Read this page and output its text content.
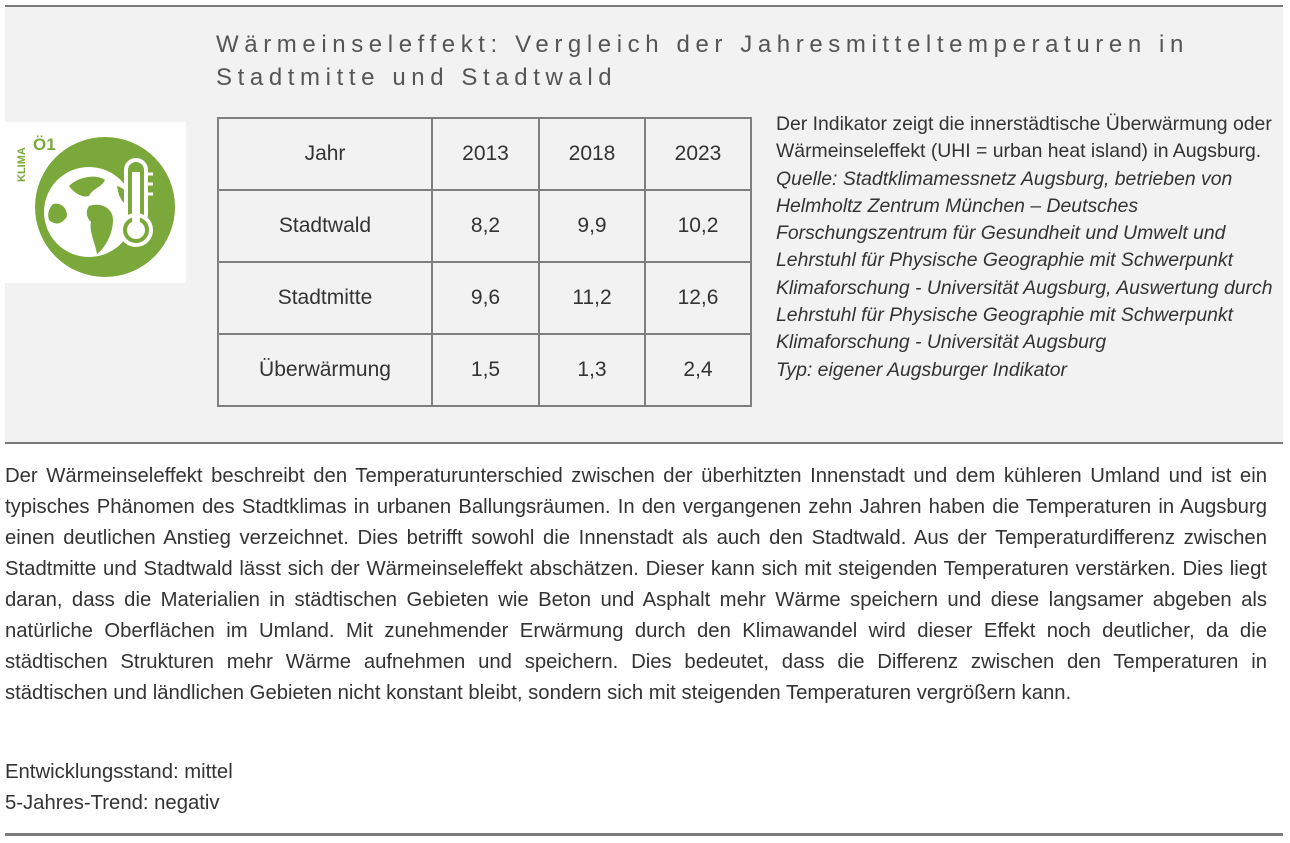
Wärmeinseleffekt: Vergleich der Jahresmitteltemperaturen in Stadtmitte und Stadtwald
KLIMA
Ö1	Jahr	2013	2018	2023
Stadtwald	8,2	9,9	10,2
Stadtmitte	9,6	11,2	12,6
Überwärmung	1,5	1,3	2,4
Der Indikator zeigt die innerstädtische Überwärmung oder Wärmeinseleffekt (UHI = urban heat island) in Augsburg.
Quelle: Stadtklimamessnetz Augsburg, betrieben von Helmholtz Zentrum München – Deutsches Forschungszentrum für Gesundheit und Umwelt und Lehrstuhl für Physische Geographie mit Schwerpunkt Klimaforschung - Universität Augsburg, Auswertung durch Lehrstuhl für Physische Geographie mit Schwerpunkt Klimaforschung - Universität Augsburg
Typ: eigener Augsburger Indikator
Der Wärmeinseleffekt beschreibt den Temperaturunterschied zwischen der überhitzten Innenstadt und dem kühleren Umland und ist ein typisches Phänomen des Stadtklimas in urbanen Ballungsräumen. In den vergangenen zehn Jahren haben die Temperaturen in Augsburg einen deutlichen Anstieg verzeichnet. Dies betrifft sowohl die Innenstadt als auch den Stadtwald. Aus der Temperaturdifferenz zwischen Stadtmitte und Stadtwald lässt sich der Wärmeinseleffekt abschätzen. Dieser kann sich mit steigenden Temperaturen verstärken. Dies liegt daran, dass die Materialien in städtischen Gebieten wie Beton und Asphalt mehr Wärme speichern und diese langsamer abgeben als natürliche Oberflächen im Umland. Mit zunehmender Erwärmung durch den Klimawandel wird dieser Effekt noch deutlicher, da die städtischen Strukturen mehr Wärme aufnehmen und speichern. Dies bedeutet, dass die Differenz zwischen den Temperaturen in städtischen und ländlichen Gebieten nicht konstant bleibt, sondern sich mit steigenden Temperaturen vergrößern kann.
Entwicklungsstand: mittel
5-Jahres-Trend: negativ
